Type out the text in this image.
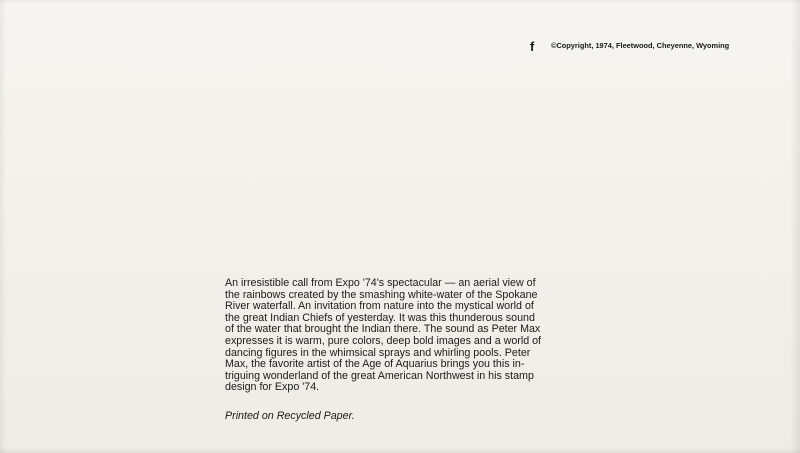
f ©Copyright, 1974, Fleetwood, Cheyenne, Wyoming

An irresistible call from Expo '74's spectacular — an aerial view of
the rainbows created by the smashing white-water of the Spokane
River waterfall. An invitation from nature into the mystical world of
the great Indian Chiefs of yesterday. It was this thunderous sound
of the water that brought the Indian there. The sound as Peter Max
expresses it is warm, pure colors, deep bold images and a world of
dancing figures in the whimsical sprays and whirling pools. Peter
Max, the favorite artist of the Age of Aquarius brings you this in-
triguing wonderland of the great American Northwest in his stamp
design for Expo '74.

Printed on Recycled Paper.
